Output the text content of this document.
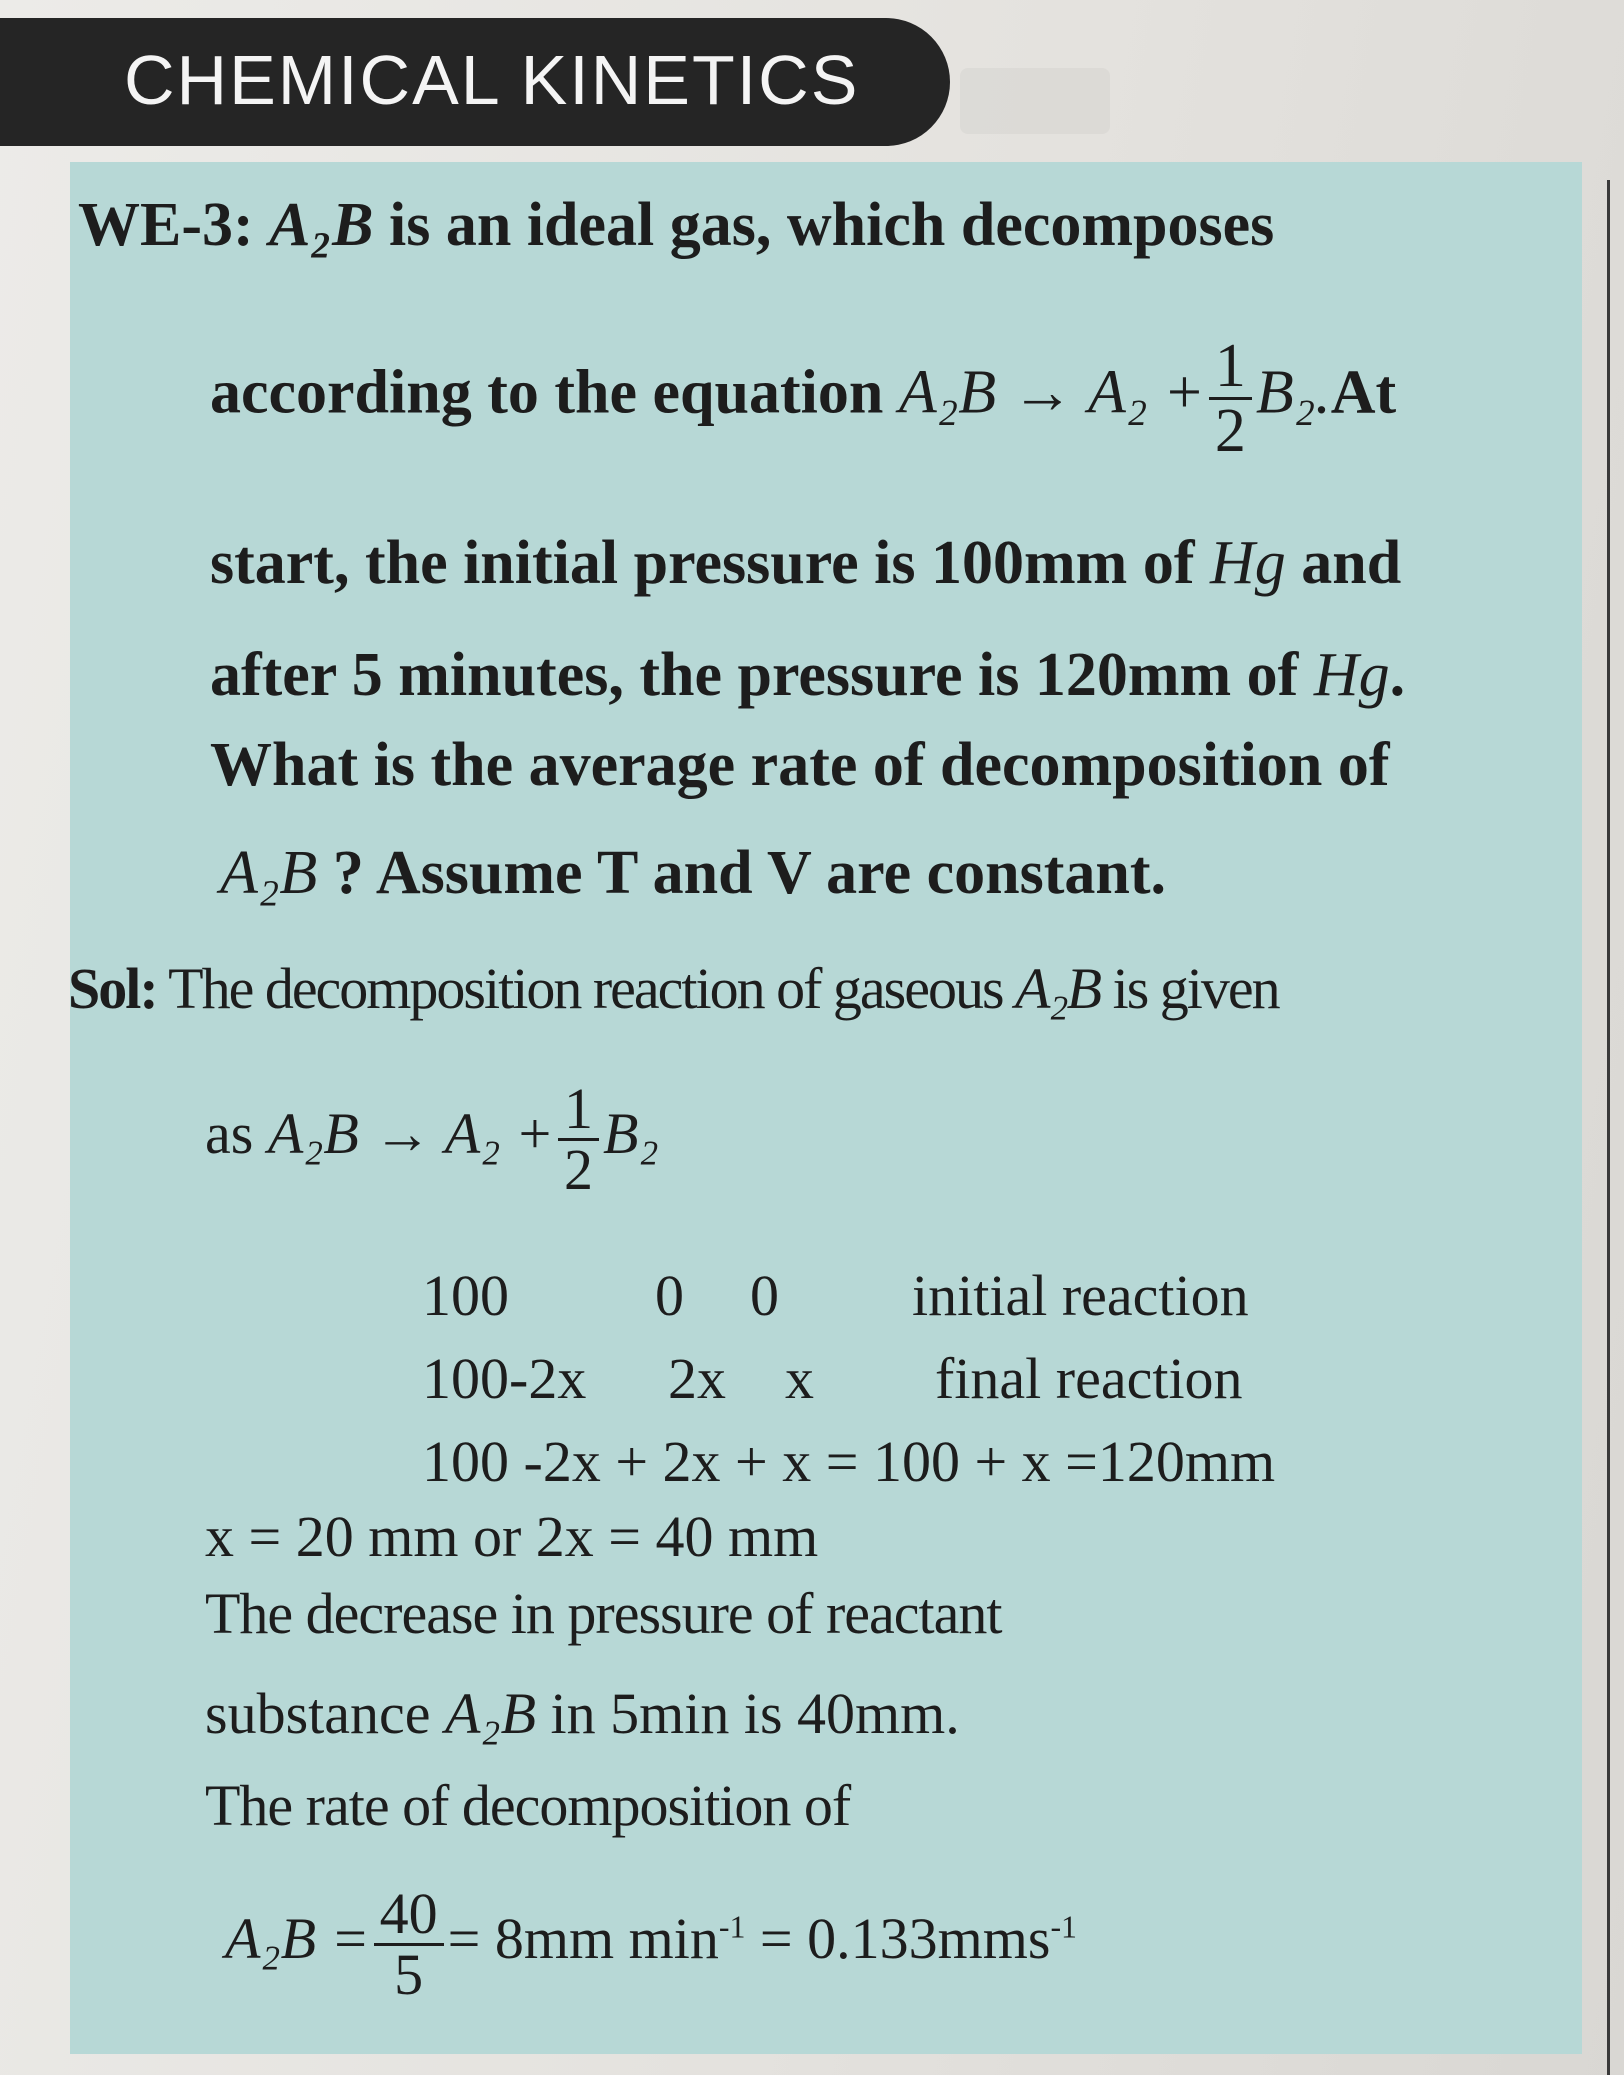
CHEMICAL KINETICS
WE-3: A₂B is an ideal gas, which decomposes
according to the equation $A_2B \to A_2 + \frac{1}{2} B_2.At$
start, the initial pressure is 100mm of Hg and
after 5 minutes, the pressure is 120mm of Hg.
What is the average rate of decomposition of
A₂B ? Assume T and V are constant.
Sol: The decomposition reaction of gaseous A₂B is given
as $A_2B \to A_2 + \frac{1}{2} B_2$
100	0 0 initial reaction
100-2x 2x x final reaction
100 -2x + 2x + x = 100 + x =120mm
x = 20 mm or 2x = 40 mm
The decrease in pressure of reactant
substance A₂B in 5min is 40mm.
The rate of decomposition of
$A_2B = \frac{40}{5} = 8mm$ $\min^{-1} = 0.133mms^{-1}$
